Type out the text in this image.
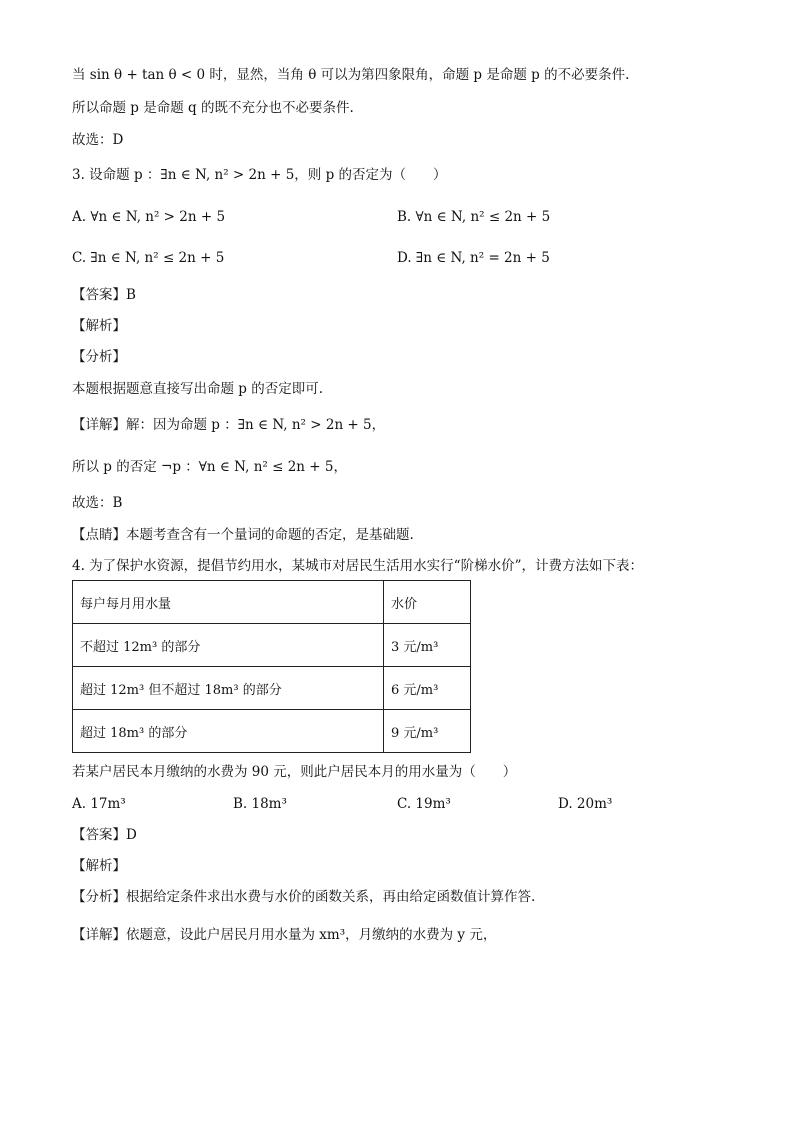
当 sin θ + tan θ < 0 时，显然，当角 θ 可以为第四象限角，命题 p 是命题 p 的不必要条件.
所以命题 p 是命题 q 的既不充分也不必要条件.
故选：D
3. 设命题 p ：∃n ∈ N, n² > 2n + 5，则 p 的否定为（　　）
A. ∀n ∈ N, n² > 2n + 5	B. ∀n ∈ N, n² ≤ 2n + 5
C. ∃n ∈ N, n² ≤ 2n + 5	D. ∃n ∈ N, n² = 2n + 5
【答案】B
【解析】
【分析】
本题根据题意直接写出命题 p 的否定即可.
【详解】解：因为命题 p ：∃n ∈ N, n² > 2n + 5，
所以 p 的否定 ¬p ：∀n ∈ N, n² ≤ 2n + 5，
故选：B
【点睛】本题考查含有一个量词的命题的否定，是基础题.
4. 为了保护水资源，提倡节约用水，某城市对居民生活用水实行“阶梯水价”，计费方法如下表：
每户每月用水量	水价
不超过 12m³ 的部分	3 元/m³
超过 12m³ 但不超过 18m³ 的部分	6 元/m³
超过 18m³ 的部分	9 元/m³
若某户居民本月缴纳的水费为 90 元，则此户居民本月的用水量为（　　）
A. 17m³	B. 18m³	C. 19m³	D. 20m³
【答案】D
【解析】
【分析】根据给定条件求出水费与水价的函数关系，再由给定函数值计算作答.
【详解】依题意，设此户居民月用水量为 xm³，月缴纳的水费为 y 元，
